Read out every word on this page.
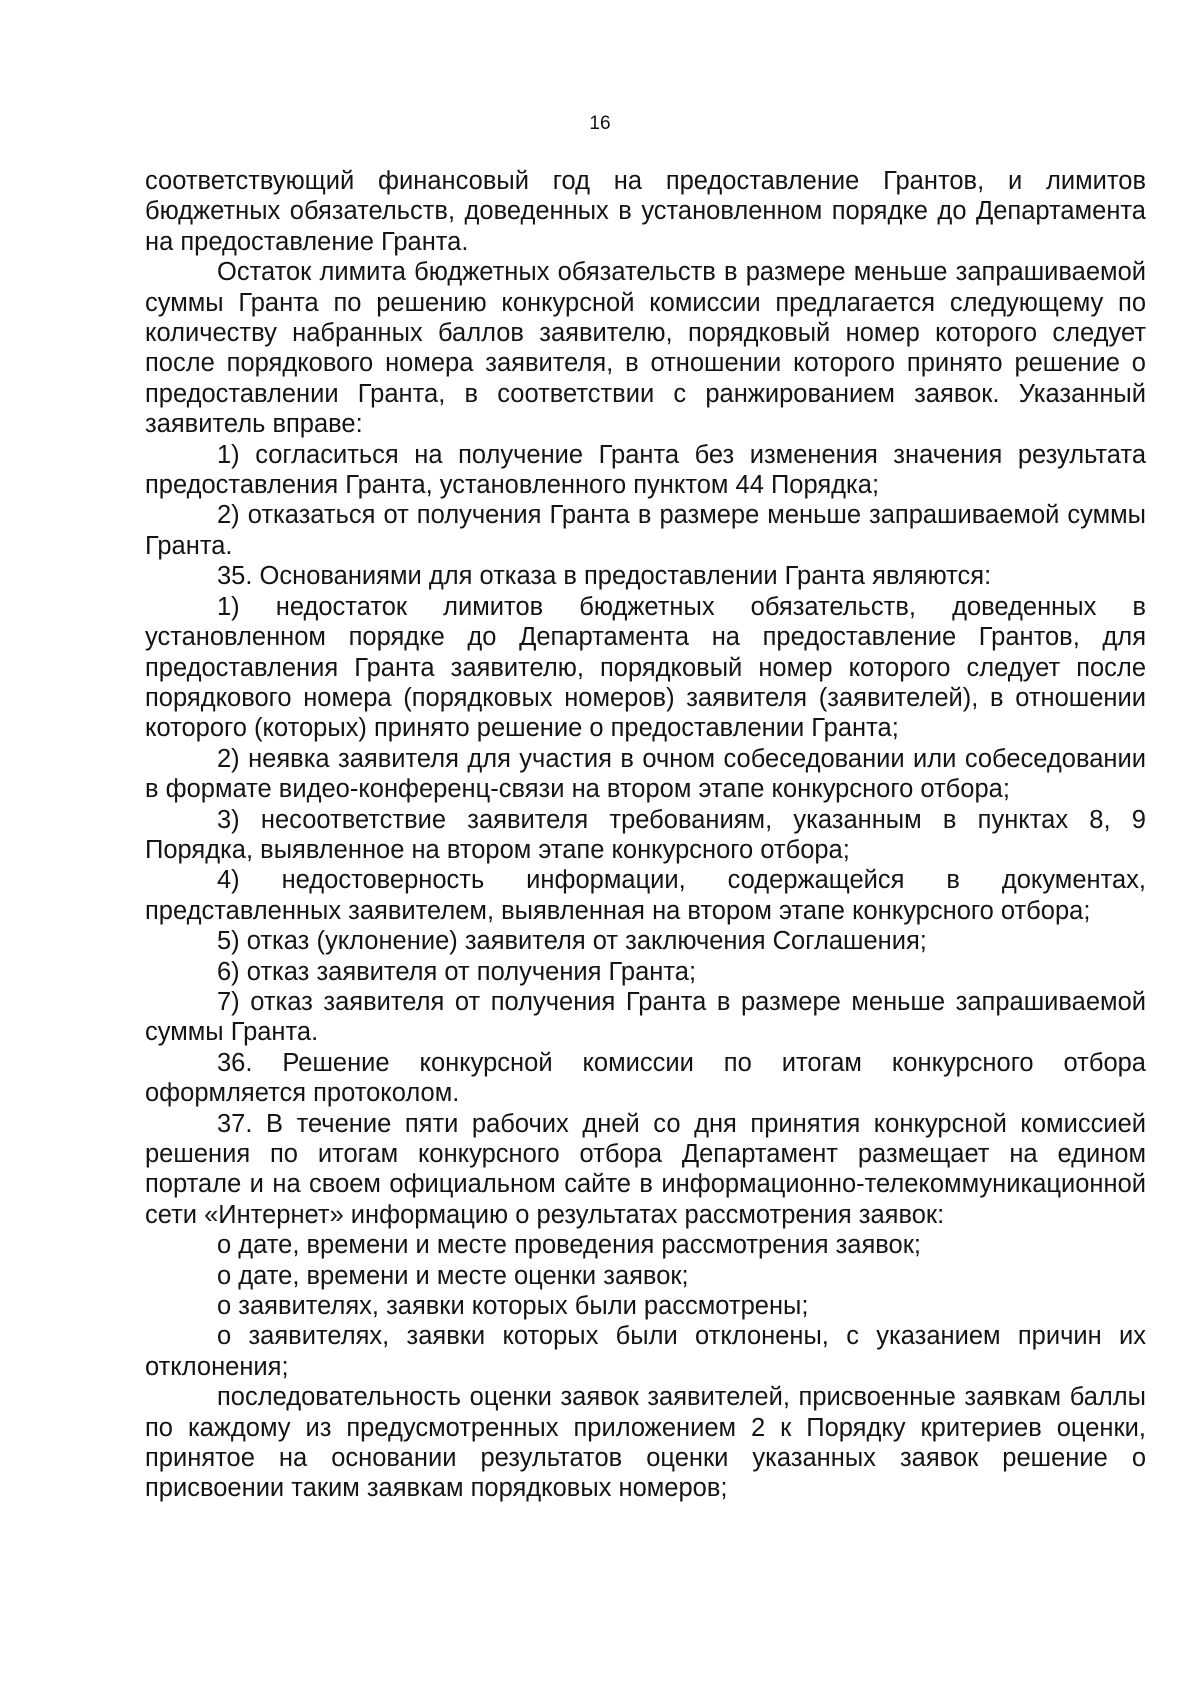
16

соответствующий финансовый год на предоставление Грантов, и лимитов бюджетных обязательств, доведенных в установленном порядке до Департамента на предоставление Гранта.

Остаток лимита бюджетных обязательств в размере меньше запрашиваемой суммы Гранта по решению конкурсной комиссии предлагается следующему по количеству набранных баллов заявителю, порядковый номер которого следует после порядкового номера заявителя, в отношении которого принято решение о предоставлении Гранта, в соответствии с ранжированием заявок. Указанный заявитель вправе:

1) согласиться на получение Гранта без изменения значения результата предоставления Гранта, установленного пунктом 44 Порядка;

2) отказаться от получения Гранта в размере меньше запрашиваемой суммы Гранта.

35. Основаниями для отказа в предоставлении Гранта являются:

1) недостаток лимитов бюджетных обязательств, доведенных в установленном порядке до Департамента на предоставление Грантов, для предоставления Гранта заявителю, порядковый номер которого следует после порядкового номера (порядковых номеров) заявителя (заявителей), в отношении которого (которых) принято решение о предоставлении Гранта;

2) неявка заявителя для участия в очном собеседовании или собеседовании в формате видео-конференц-связи на втором этапе конкурсного отбора;

3) несоответствие заявителя требованиям, указанным в пунктах 8, 9 Порядка, выявленное на втором этапе конкурсного отбора;

4) недостоверность информации, содержащейся в документах, представленных заявителем, выявленная на втором этапе конкурсного отбора;

5) отказ (уклонение) заявителя от заключения Соглашения;

6) отказ заявителя от получения Гранта;

7) отказ заявителя от получения Гранта в размере меньше запрашиваемой суммы Гранта.

36. Решение конкурсной комиссии по итогам конкурсного отбора оформляется протоколом.

37. В течение пяти рабочих дней со дня принятия конкурсной комиссией решения по итогам конкурсного отбора Департамент размещает на едином портале и на своем официальном сайте в информационно-телекоммуникационной сети «Интернет» информацию о результатах рассмотрения заявок:

о дате, времени и месте проведения рассмотрения заявок;

о дате, времени и месте оценки заявок;

о заявителях, заявки которых были рассмотрены;

о заявителях, заявки которых были отклонены, с указанием причин их отклонения;

последовательность оценки заявок заявителей, присвоенные заявкам баллы по каждому из предусмотренных приложением 2 к Порядку критериев оценки, принятое на основании результатов оценки указанных заявок решение о присвоении таким заявкам порядковых номеров;
